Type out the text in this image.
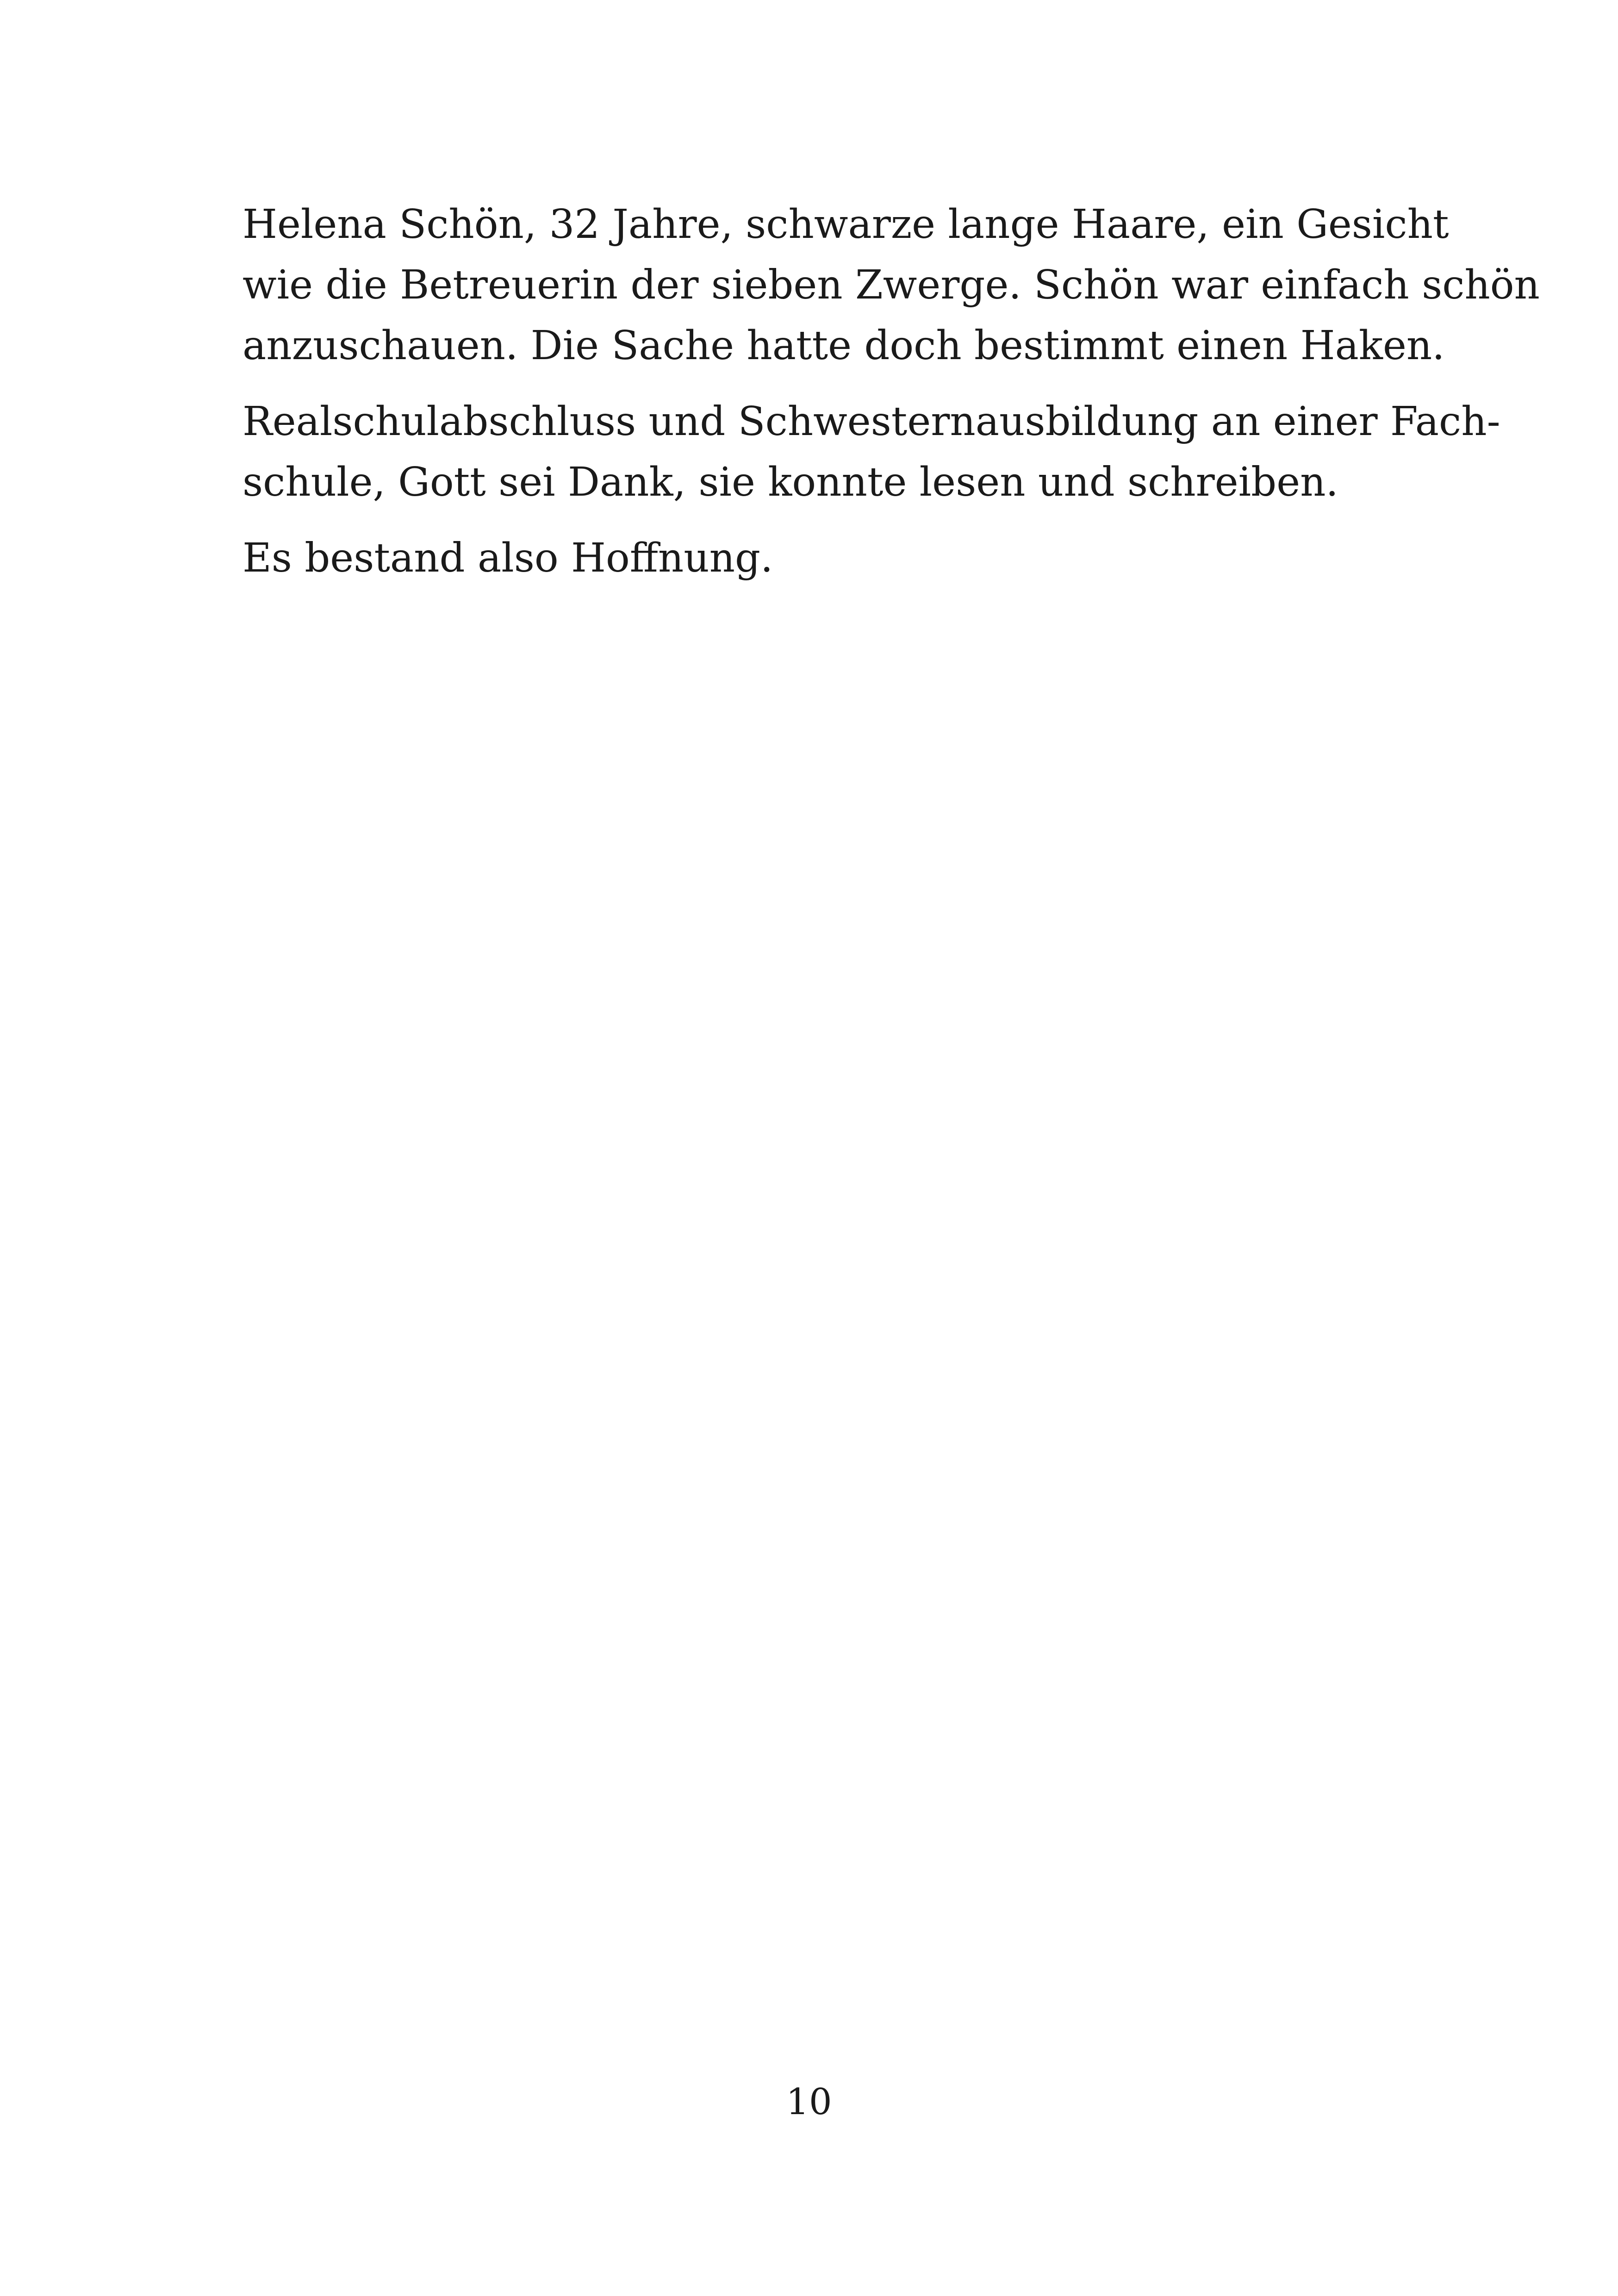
Helena Schön, 32 Jahre, schwarze lange Haare, ein Gesicht
wie die Betreuerin der sieben Zwerge. Schön war einfach schön
anzuschauen. Die Sache hatte doch bestimmt einen Haken.

Realschulabschluss und Schwesternausbildung an einer Fach-
schule, Gott sei Dank, sie konnte lesen und schreiben.

Es bestand also Hoffnung.

10
